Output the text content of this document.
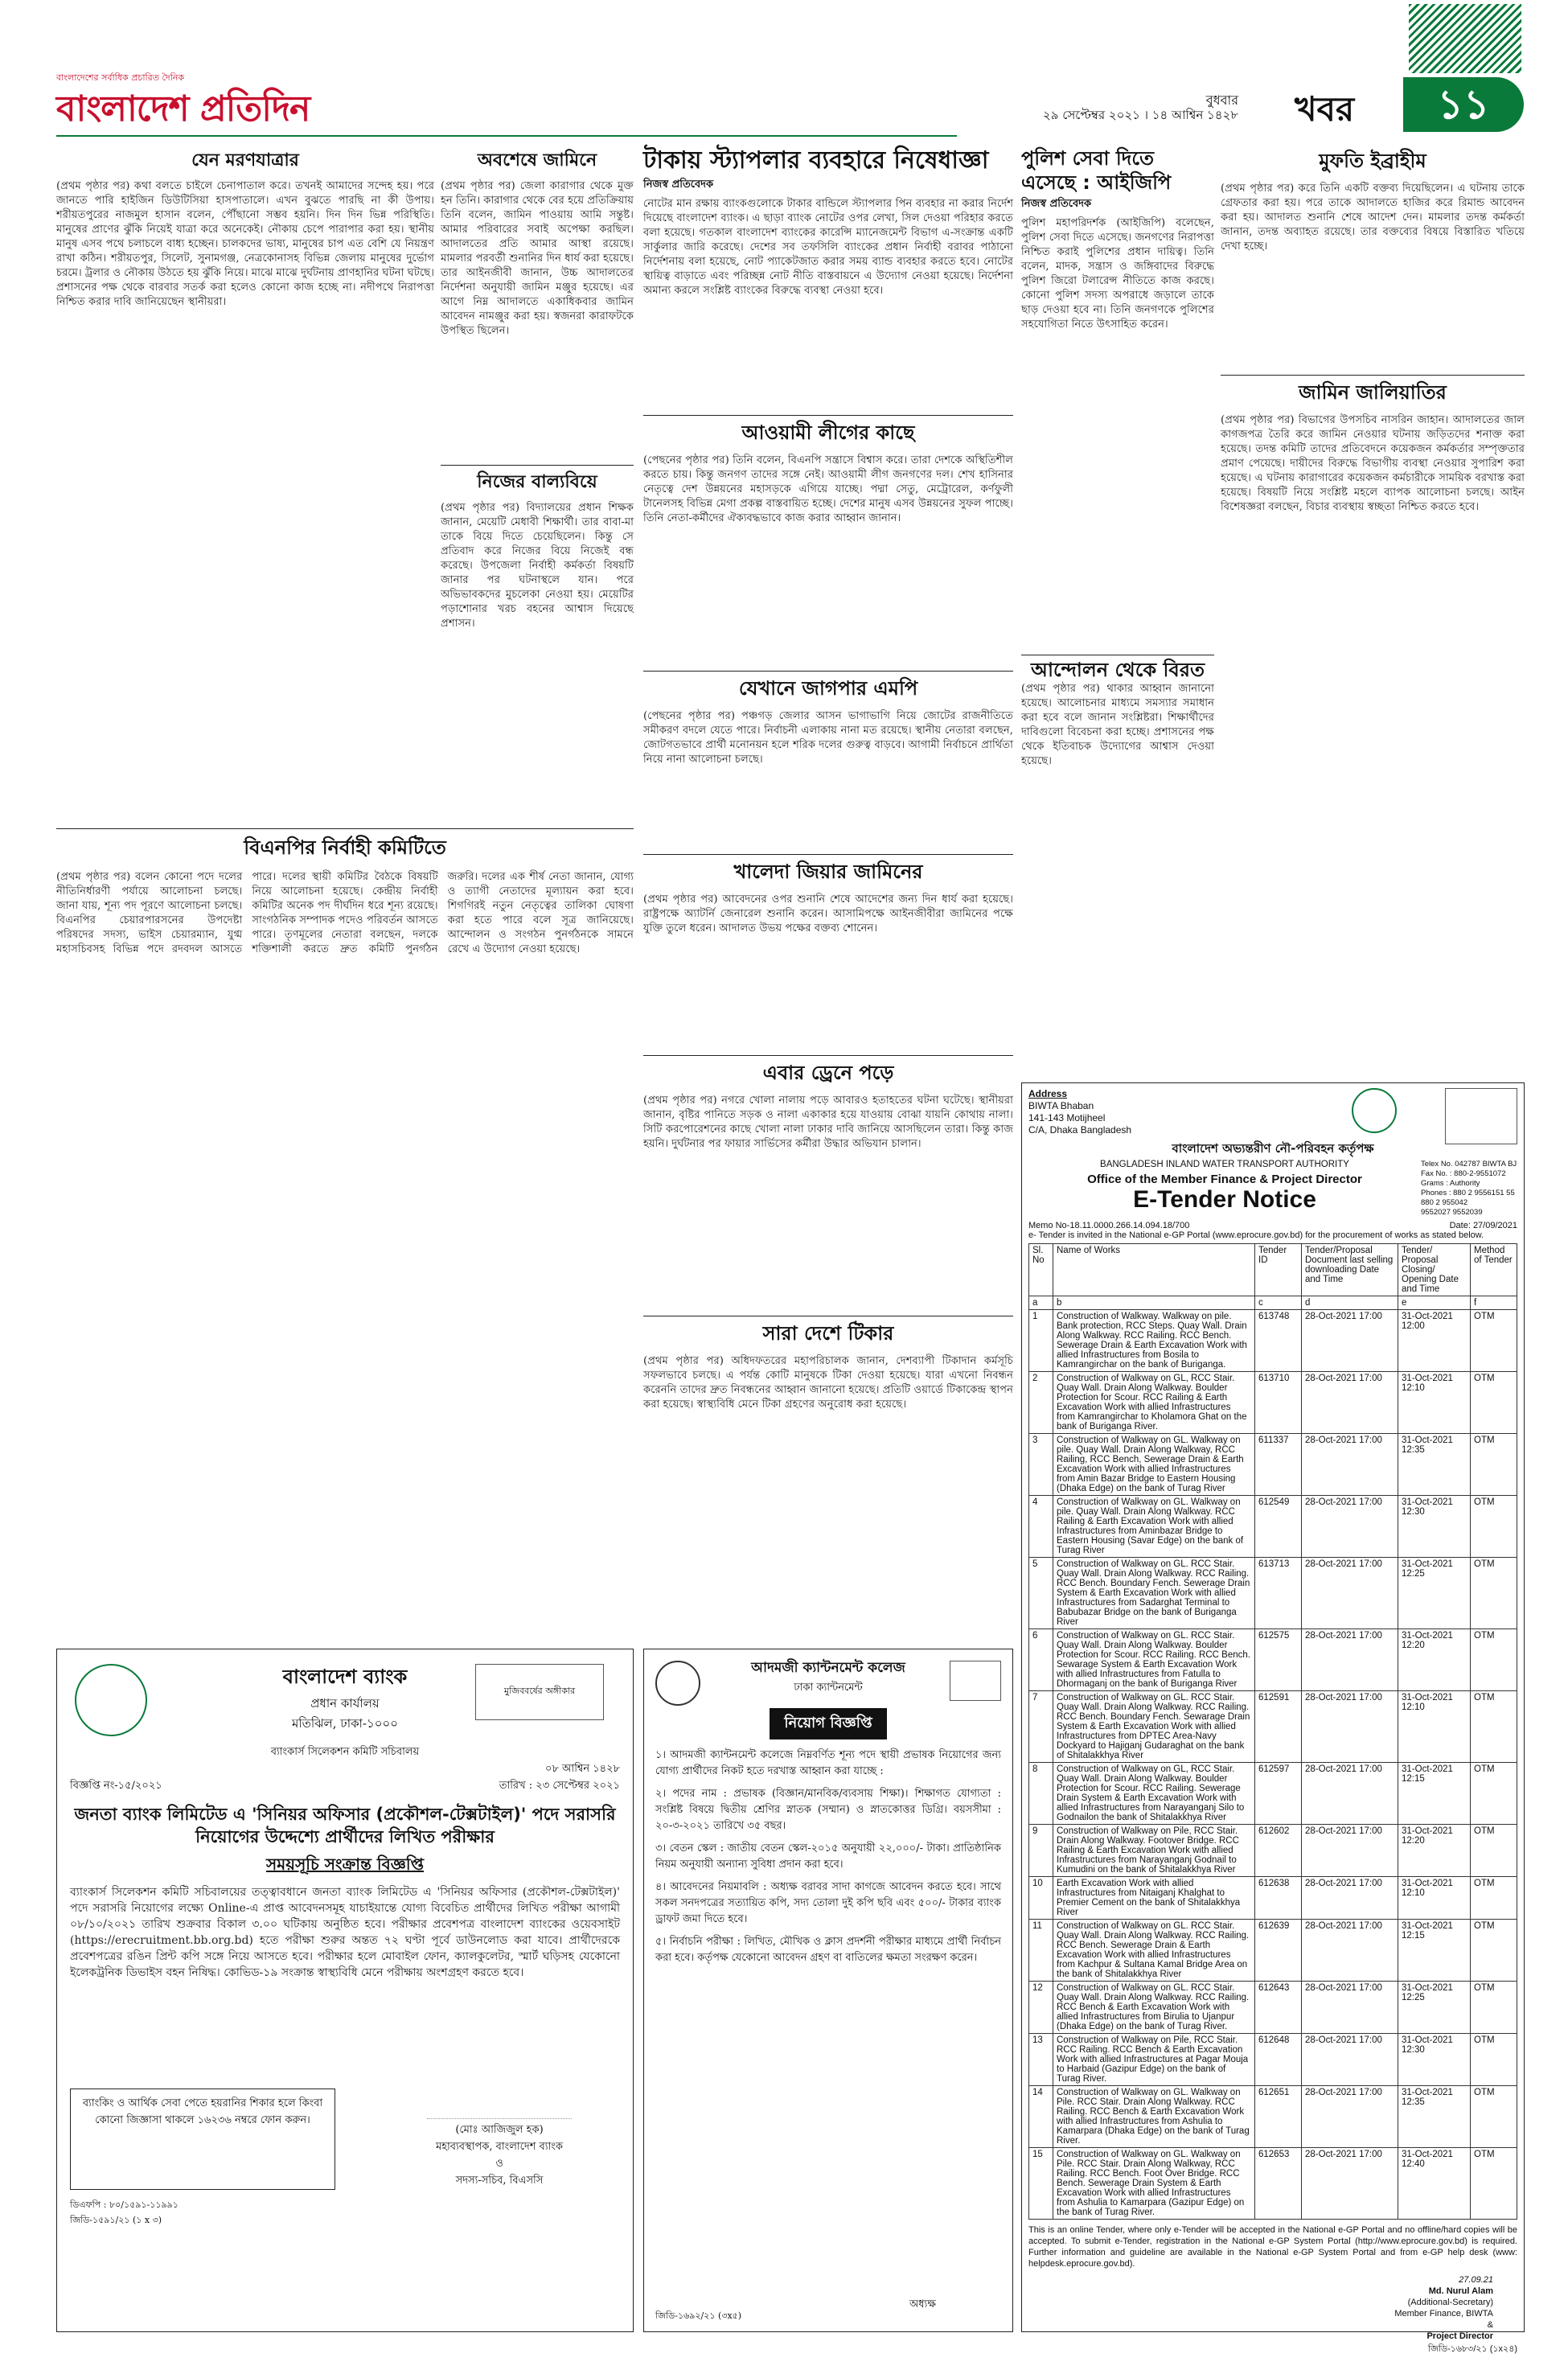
বাংলাদেশের সর্বাধিক প্রচারিত দৈনিক
বাংলাদেশ প্রতিদিন	বুধবার
২৯ সেপ্টেম্বর ২০২১ । ১৪ আশ্বিন ১৪২৮ খবর	১১
যেন মরণযাত্রার
(প্রথম পৃষ্ঠার পর) কথা বলতে চাইলে চেনাপাতাল করে। তখনই আমাদের সন্দেহ হয়। পরে জানতে পারি হাইজিন ডিউটিসিয়া হাসপাতালে। এখন বুঝতে পারছি না কী উপায়। শরীয়তপুরের নাজমুল হাসান বলেন, পৌঁছানো সম্ভব হয়নি। দিন দিন ভিন্ন পরিস্থিতি। মানুষের প্রাণের ঝুঁকি নিয়েই যাত্রা করে অনেকেই। নৌকায় চেপে পারাপার করা হয়। স্থানীয় মানুষ এসব পথে চলাচলে বাধ্য হচ্ছেন। চালকদের ভাষ্য, মানুষের চাপ এত বেশি যে নিয়ন্ত্রণ রাখা কঠিন। শরীয়তপুর, সিলেট, সুনামগঞ্জ, নেত্রকোনাসহ বিভিন্ন জেলায় মানুষের দুর্ভোগ চরমে। ট্রলার ও নৌকায় উঠতে হয় ঝুঁকি নিয়ে। মাঝে মাঝে দুর্ঘটনায় প্রাণহানির ঘটনা ঘটছে। প্রশাসনের পক্ষ থেকে বারবার সতর্ক করা হলেও কোনো কাজ হচ্ছে না। নদীপথে নিরাপত্তা নিশ্চিত করার দাবি জানিয়েছেন স্থানীয়রা।
অবশেষে জামিনে
(প্রথম পৃষ্ঠার পর) জেলা কারাগার থেকে মুক্ত হন তিনি। কারাগার থেকে বের হয়ে প্রতিক্রিয়ায় তিনি বলেন, জামিন পাওয়ায় আমি সন্তুষ্ট। আমার পরিবারের সবাই অপেক্ষা করছিল। আদালতের প্রতি আমার আস্থা রয়েছে। মামলার পরবর্তী শুনানির দিন ধার্য করা হয়েছে। তার আইনজীবী জানান, উচ্চ আদালতের নির্দেশনা অনুযায়ী জামিন মঞ্জুর হয়েছে। এর আগে নিম্ন আদালতে একাধিকবার জামিন আবেদন নামঞ্জুর করা হয়। স্বজনরা কারাফটকে উপস্থিত ছিলেন।
নিজের বাল্যবিয়ে
(প্রথম পৃষ্ঠার পর) বিদ্যালয়ের প্রধান শিক্ষক জানান, মেয়েটি মেধাবী শিক্ষার্থী। তার বাবা-মা তাকে বিয়ে দিতে চেয়েছিলেন। কিন্তু সে প্রতিবাদ করে নিজের বিয়ে নিজেই বন্ধ করেছে। উপজেলা নির্বাহী কর্মকর্তা বিষয়টি জানার পর ঘটনাস্থলে যান। পরে অভিভাবকদের মুচলেকা নেওয়া হয়। মেয়েটির পড়াশোনার খরচ বহনের আশ্বাস দিয়েছে প্রশাসন।
বিএনপির নির্বাহী কমিটিতে
(প্রথম পৃষ্ঠার পর) বলেন কোনো পদে দলের নীতিনির্ধারণী পর্যায়ে আলোচনা চলছে। জানা যায়, শূন্য পদ পূরণে আলোচনা চলছে। বিএনপির চেয়ারপারসনের উপদেষ্টা পরিষদের সদস্য, ভাইস চেয়ারম্যান, যুগ্ম মহাসচিবসহ বিভিন্ন পদে রদবদল আসতে পারে। দলের স্থায়ী কমিটির বৈঠকে বিষয়টি নিয়ে আলোচনা হয়েছে। কেন্দ্রীয় নির্বাহী কমিটির অনেক পদ দীর্ঘদিন ধরে শূন্য রয়েছে। সাংগঠনিক সম্পাদক পদেও পরিবর্তন আসতে পারে। তৃণমূলের নেতারা বলছেন, দলকে শক্তিশালী করতে দ্রুত কমিটি পুনর্গঠন জরুরি। দলের এক শীর্ষ নেতা জানান, যোগ্য ও ত্যাগী নেতাদের মূল্যায়ন করা হবে। শিগগিরই নতুন নেতৃত্বের তালিকা ঘোষণা করা হতে পারে বলে সূত্র জানিয়েছে। আন্দোলন ও সংগঠন পুনর্গঠনকে সামনে রেখে এ উদ্যোগ নেওয়া হয়েছে।
মুজিববর্ষের অঙ্গীকার
বাংলাদেশ ব্যাংক
প্রধান কার্যালয়
মতিঝিল, ঢাকা-১০০০
ব্যাংকার্স সিলেকশন কমিটি সচিবালয়
০৮ আশ্বিন ১৪২৮
বিজ্ঞপ্তি নং-১৫/২০২১	তারিখ : ২৩ সেপ্টেম্বর ২০২১
জনতা ব্যাংক লিমিটেড এ 'সিনিয়র অফিসার (প্রকৌশল-টেক্সটাইল)' পদে সরাসরি নিয়োগের উদ্দেশ্যে প্রার্থীদের লিখিত পরীক্ষার
সময়সূচি সংক্রান্ত বিজ্ঞপ্তি
ব্যাংকার্স সিলেকশন কমিটি সচিবালয়ের তত্ত্বাবধানে জনতা ব্যাংক লিমিটেড এ 'সিনিয়র অফিসার (প্রকৌশল-টেক্সটাইল)' পদে সরাসরি নিয়োগের লক্ষ্যে Online-এ প্রাপ্ত আবেদনসমূহ যাচাইয়ান্তে যোগ্য বিবেচিত প্রার্থীদের লিখিত পরীক্ষা আগামী ০৮/১০/২০২১ তারিখ শুক্রবার বিকাল ৩.০০ ঘটিকায় অনুষ্ঠিত হবে। পরীক্ষার প্রবেশপত্র বাংলাদেশ ব্যাংকের ওয়েবসাইট (https://erecruitment.bb.org.bd) হতে পরীক্ষা শুরুর অন্তত ৭২ ঘণ্টা পূর্বে ডাউনলোড করা যাবে। প্রার্থীদেরকে প্রবেশপত্রের রঙিন প্রিন্ট কপি সঙ্গে নিয়ে আসতে হবে। পরীক্ষার হলে মোবাইল ফোন, ক্যালকুলেটর, স্মার্ট ঘড়িসহ যেকোনো ইলেকট্রনিক ডিভাইস বহন নিষিদ্ধ। কোভিড-১৯ সংক্রান্ত স্বাস্থ্যবিধি মেনে পরীক্ষায় অংশগ্রহণ করতে হবে।
ব্যাংকিং ও আর্থিক সেবা পেতে হয়রানির শিকার হলে কিংবা কোনো জিজ্ঞাসা থাকলে ১৬২৩৬ নম্বরে ফোন করুন।
(মোঃ আজিজুল হক)
মহাব্যবস্থাপক, বাংলাদেশ ব্যাংক
ও
সদস্য-সচিব, বিএসসি
ডিএফপি : ৮০/১৫৯১-১১৯৯১
জিডি-১৫৯১/২১ (১ x ৩)
টাকায় স্ট্যাপলার ব্যবহারে নিষেধাজ্ঞা
নিজস্ব প্রতিবেদক
নোটের মান রক্ষায় ব্যাংকগুলোকে টাকার বান্ডিলে স্ট্যাপলার পিন ব্যবহার না করার নির্দেশ দিয়েছে বাংলাদেশ ব্যাংক। এ ছাড়া ব্যাংক নোটের ওপর লেখা, সিল দেওয়া পরিহার করতে বলা হয়েছে। গতকাল বাংলাদেশ ব্যাংকের কারেন্সি ম্যানেজমেন্ট বিভাগ এ-সংক্রান্ত একটি সার্কুলার জারি করেছে। দেশের সব তফসিলি ব্যাংকের প্রধান নির্বাহী বরাবর পাঠানো নির্দেশনায় বলা হয়েছে, নোট প্যাকেটজাত করার সময় ব্যান্ড ব্যবহার করতে হবে। নোটের স্থায়িত্ব বাড়াতে এবং পরিচ্ছন্ন নোট নীতি বাস্তবায়নে এ উদ্যোগ নেওয়া হয়েছে। নির্দেশনা অমান্য করলে সংশ্লিষ্ট ব্যাংকের বিরুদ্ধে ব্যবস্থা নেওয়া হবে।
আওয়ামী লীগের কাছে
(পেছনের পৃষ্ঠার পর) তিনি বলেন, বিএনপি সন্ত্রাসে বিশ্বাস করে। তারা দেশকে অস্থিতিশীল করতে চায়। কিন্তু জনগণ তাদের সঙ্গে নেই। আওয়ামী লীগ জনগণের দল। শেখ হাসিনার নেতৃত্বে দেশ উন্নয়নের মহাসড়কে এগিয়ে যাচ্ছে। পদ্মা সেতু, মেট্রোরেল, কর্ণফুলী টানেলসহ বিভিন্ন মেগা প্রকল্প বাস্তবায়িত হচ্ছে। দেশের মানুষ এসব উন্নয়নের সুফল পাচ্ছে। তিনি নেতা-কর্মীদের ঐক্যবদ্ধভাবে কাজ করার আহ্বান জানান।
যেখানে জাগপার এমপি
(পেছনের পৃষ্ঠার পর) পঞ্চগড় জেলার আসন ভাগাভাগি নিয়ে জোটের রাজনীতিতে সমীকরণ বদলে যেতে পারে। নির্বাচনী এলাকায় নানা মত রয়েছে। স্থানীয় নেতারা বলছেন, জোটগতভাবে প্রার্থী মনোনয়ন হলে শরিক দলের গুরুত্ব বাড়বে। আগামী নির্বাচনে প্রার্থিতা নিয়ে নানা আলোচনা চলছে।
খালেদা জিয়ার জামিনের
(প্রথম পৃষ্ঠার পর) আবেদনের ওপর শুনানি শেষে আদেশের জন্য দিন ধার্য করা হয়েছে। রাষ্ট্রপক্ষে অ্যাটর্নি জেনারেল শুনানি করেন। আসামিপক্ষে আইনজীবীরা জামিনের পক্ষে যুক্তি তুলে ধরেন। আদালত উভয় পক্ষের বক্তব্য শোনেন।
এবার ড্রেনে পড়ে
(প্রথম পৃষ্ঠার পর) নগরে খোলা নালায় পড়ে আবারও হতাহতের ঘটনা ঘটেছে। স্থানীয়রা জানান, বৃষ্টির পানিতে সড়ক ও নালা একাকার হয়ে যাওয়ায় বোঝা যায়নি কোথায় নালা। সিটি করপোরেশনের কাছে খোলা নালা ঢাকার দাবি জানিয়ে আসছিলেন তারা। কিন্তু কাজ হয়নি। দুর্ঘটনার পর ফায়ার সার্ভিসের কর্মীরা উদ্ধার অভিযান চালান।
সারা দেশে টিকার
(প্রথম পৃষ্ঠার পর) অধিদফতরের মহাপরিচালক জানান, দেশব্যাপী টিকাদান কর্মসূচি সফলভাবে চলছে। এ পর্যন্ত কোটি মানুষকে টিকা দেওয়া হয়েছে। যারা এখনো নিবন্ধন করেননি তাদের দ্রুত নিবন্ধনের আহ্বান জানানো হয়েছে। প্রতিটি ওয়ার্ডে টিকাকেন্দ্র স্থাপন করা হয়েছে। স্বাস্থ্যবিধি মেনে টিকা গ্রহণের অনুরোধ করা হয়েছে।
আদমজী ক্যান্টনমেন্ট কলেজ
ঢাকা ক্যান্টনমেন্ট
নিয়োগ বিজ্ঞপ্তি

১। আদমজী ক্যান্টনমেন্ট কলেজে নিম্নবর্ণিত শূন্য পদে স্থায়ী প্রভাষক নিয়োগের জন্য যোগ্য প্রার্থীদের নিকট হতে দরখাস্ত আহ্বান করা যাচ্ছে :

২। পদের নাম : প্রভাষক (বিজ্ঞান/মানবিক/ব্যবসায় শিক্ষা)। শিক্ষাগত যোগ্যতা : সংশ্লিষ্ট বিষয়ে দ্বিতীয় শ্রেণির স্নাতক (সম্মান) ও স্নাতকোত্তর ডিগ্রি। বয়সসীমা : ২০-৩-২০২১ তারিখে ৩৫ বছর।

৩। বেতন স্কেল : জাতীয় বেতন স্কেল-২০১৫ অনুযায়ী ২২,০০০/- টাকা। প্রাতিষ্ঠানিক নিয়ম অনুযায়ী অন্যান্য সুবিধা প্রদান করা হবে।

৪। আবেদনের নিয়মাবলি : অধ্যক্ষ বরাবর সাদা কাগজে আবেদন করতে হবে। সাথে সকল সনদপত্রের সত্যায়িত কপি, সদ্য তোলা দুই কপি ছবি এবং ৫০০/- টাকার ব্যাংক ড্রাফট জমা দিতে হবে।

৫। নির্বাচনি পরীক্ষা : লিখিত, মৌখিক ও ক্লাস প্রদর্শনী পরীক্ষার মাধ্যমে প্রার্থী নির্বাচন করা হবে। কর্তৃপক্ষ যেকোনো আবেদন গ্রহণ বা বাতিলের ক্ষমতা সংরক্ষণ করেন।

অধ্যক্ষ
জিডি-১৬৯২/২১ (৩x৫)
পুলিশ সেবা দিতে এসেছে : আইজিপি
নিজস্ব প্রতিবেদক
পুলিশ মহাপরিদর্শক (আইজিপি) বলেছেন, পুলিশ সেবা দিতে এসেছে। জনগণের নিরাপত্তা নিশ্চিত করাই পুলিশের প্রধান দায়িত্ব। তিনি বলেন, মাদক, সন্ত্রাস ও জঙ্গিবাদের বিরুদ্ধে পুলিশ জিরো টলারেন্স নীতিতে কাজ করছে। কোনো পুলিশ সদস্য অপরাধে জড়ালে তাকে ছাড় দেওয়া হবে না। তিনি জনগণকে পুলিশের সহযোগিতা নিতে উৎসাহিত করেন।
আন্দোলন থেকে বিরত
(প্রথম পৃষ্ঠার পর) থাকার আহ্বান জানানো হয়েছে। আলোচনার মাধ্যমে সমস্যার সমাধান করা হবে বলে জানান সংশ্লিষ্টরা। শিক্ষার্থীদের দাবিগুলো বিবেচনা করা হচ্ছে। প্রশাসনের পক্ষ থেকে ইতিবাচক উদ্যোগের আশ্বাস দেওয়া হয়েছে।
মুফতি ইব্রাহীম
(প্রথম পৃষ্ঠার পর) করে তিনি একটি বক্তব্য দিয়েছিলেন। এ ঘটনায় তাকে গ্রেফতার করা হয়। পরে তাকে আদালতে হাজির করে রিমান্ড আবেদন করা হয়। আদালত শুনানি শেষে আদেশ দেন। মামলার তদন্ত কর্মকর্তা জানান, তদন্ত অব্যাহত রয়েছে। তার বক্তব্যের বিষয়ে বিস্তারিত খতিয়ে দেখা হচ্ছে।
জামিন জালিয়াতির
(প্রথম পৃষ্ঠার পর) বিভাগের উপসচিব নাসরিন জাহান। আদালতের জাল কাগজপত্র তৈরি করে জামিন নেওয়ার ঘটনায় জড়িতদের শনাক্ত করা হয়েছে। তদন্ত কমিটি তাদের প্রতিবেদনে কয়েকজন কর্মকর্তার সম্পৃক্ততার প্রমাণ পেয়েছে। দায়ীদের বিরুদ্ধে বিভাগীয় ব্যবস্থা নেওয়ার সুপারিশ করা হয়েছে। এ ঘটনায় কারাগারের কয়েকজন কর্মচারীকে সাময়িক বরখাস্ত করা হয়েছে। বিষয়টি নিয়ে সংশ্লিষ্ট মহলে ব্যাপক আলোচনা চলছে। আইন বিশেষজ্ঞরা বলছেন, বিচার ব্যবস্থায় স্বচ্ছতা নিশ্চিত করতে হবে।
Address
BIWTA Bhaban
141-143 Motijheel
C/A, Dhaka Bangladesh
বাংলাদেশ অভ্যন্তরীণ নৌ-পরিবহন কর্তৃপক্ষ
BANGLADESH INLAND WATER TRANSPORT AUTHORITY
Office of the Member Finance & Project Director
E-Tender Notice
Telex No. 042787 BIWTA BJ
Fax No. : 880-2-9551072
Grams : Authority
Phones : 880 2 9556151 55
880 2 955042
9552027 9552039
Memo No-18.11.0000.266.14.094.18/700	Date: 27/09/2021
e- Tender is invited in the National e-GP Portal (www.eprocure.gov.bd) for the procurement of works as stated below.
Sl. No	Name of Works	Tender ID	Tender/Proposal Document last selling downloading Date and Time	Tender/ Proposal Closing/ Opening Date and Time	Method of Tender
a	b	c	d	e	f
1	Construction of Walkway. Walkway on pile. Bank protection, RCC Steps. Quay Wall. Drain Along Walkway. RCC Railing. RCC Bench. Sewerage Drain & Earth Excavation Work with allied Infrastructures from Bosila to Kamrangirchar on the bank of Buriganga.	613748	28-Oct-2021 17:00	31-Oct-2021 12:00	OTM
2	Construction of Walkway on GL, RCC Stair. Quay Wall. Drain Along Walkway. Boulder Protection for Scour. RCC Railing & Earth Excavation Work with allied Infrastructures from Kamrangirchar to Kholamora Ghat on the bank of Buriganga River.	613710	28-Oct-2021 17:00	31-Oct-2021 12:10	OTM
3	Construction of Walkway on GL. Walkway on pile. Quay Wall. Drain Along Walkway, RCC Railing, RCC Bench, Sewerage Drain & Earth Excavation Work with allied Infrastructures from Amin Bazar Bridge to Eastern Housing (Dhaka Edge) on the bank of Turag River	611337	28-Oct-2021 17:00	31-Oct-2021 12:35	OTM
4	Construction of Walkway on GL. Walkway on pile. Quay Wall. Drain Along Walkway. RCC Railing & Earth Excavation Work with allied Infrastructures from Aminbazar Bridge to Eastern Housing (Savar Edge) on the bank of Turag River	612549	28-Oct-2021 17:00	31-Oct-2021 12:30	OTM
5	Construction of Walkway on GL. RCC Stair. Quay Wall. Drain Along Walkway. RCC Railing. RCC Bench. Boundary Fench. Sewerage Drain System & Earth Excavation Work with allied Infrastructures from Sadarghat Terminal to Babubazar Bridge on the bank of Buriganga River	613713	28-Oct-2021 17:00	31-Oct-2021 12:25	OTM
6	Construction of Walkway on GL. RCC Stair. Quay Wall. Drain Along Walkway. Boulder Protection for Scour. RCC Railing. RCC Bench. Sewarage System & Earth Excavation Work with allied Infrastructures from Fatulla to Dhormaganj on the bank of Buriganga River	612575	28-Oct-2021 17:00	31-Oct-2021 12:20	OTM
7	Construction of Walkway on GL. RCC Stair. Quay Wall. Drain Along Walkway. RCC Railing. RCC Bench. Boundary Fench. Sewarage Drain System & Earth Excavation Work with allied Infrastructures from DPTEC Area-Navy Dockyard to Hajiganj Gudaraghat on the bank of Shitalakkhya River	612591	28-Oct-2021 17:00	31-Oct-2021 12:10	OTM
8	Construction of Walkway on GL, RCC Stair. Quay Wall. Drain Along Walkway. Boulder Protection for Scour. RCC Railing. Sewerage Drain System & Earth Excavation Work with allied Infrastructures from Narayanganj Silo to Godnailon the bank of Shitalakkhya River	612597	28-Oct-2021 17:00	31-Oct-2021 12:15	OTM
9	Construction of Walkway on Pile, RCC Stair. Drain Along Walkway. Footover Bridge. RCC Railing & Earth Excavation Work with allied Infrastructures from Narayanganj Godnail to Kumudini on the bank of Shitalakkhya River	612602	28-Oct-2021 17:00	31-Oct-2021 12:20	OTM
10	Earth Excavation Work with allied Infrastructures from Nitaiganj Khalghat to Premier Cement on the bank of Shitalakkhya River	612638	28-Oct-2021 17:00	31-Oct-2021 12:10	OTM
11	Construction of Walkway on GL. RCC Stair. Quay Wall. Drain Along Walkway. RCC Railing. RCC Bench. Sewerage Drain & Earth Excavation Work with allied Infrastructures from Kachpur & Sultana Kamal Bridge Area on the bank of Shitalakkhya River	612639	28-Oct-2021 17:00	31-Oct-2021 12:15	OTM
12	Construction of Walkway on GL. RCC Stair. Quay Wall. Drain Along Walkway. RCC Railing. RCC Bench & Earth Excavation Work with allied Infrastructures from Birulia to Ujanpur (Dhaka Edge) on the bank of Turag River.	612643	28-Oct-2021 17:00	31-Oct-2021 12:25	OTM
13	Construction of Walkway on Pile, RCC Stair. RCC Railing. RCC Bench & Earth Excavation Work with allied Infrastructures at Pagar Mouja to Harbaid (Gazipur Edge) on the bank of Turag River.	612648	28-Oct-2021 17:00	31-Oct-2021 12:30	OTM
14	Construction of Walkway on GL. Walkway on Pile. RCC Stair. Drain Along Walkway. RCC Railing. RCC Bench & Earth Excavation Work with allied Infrastructures from Ashulia to Kamarpara (Dhaka Edge) on the bank of Turag River.	612651	28-Oct-2021 17:00	31-Oct-2021 12:35	OTM
15	Construction of Walkway on GL. Walkway on Pile. RCC Stair. Drain Along Walkway, RCC Railing. RCC Bench. Foot Over Bridge. RCC Bench. Sewerage Drain System & Earth Excavation Work with allied Infrastructures from Ashulia to Kamarpara (Gazipur Edge) on the bank of Turag River.	612653	28-Oct-2021 17:00	31-Oct-2021 12:40	OTM
This is an online Tender, where only e-Tender will be accepted in the National e-GP Portal and no offline/hard copies will be accepted. To submit e-Tender, registration in the National e-GP System Portal (http://www.eprocure.gov.bd) is required. Further information and guideline are available in the National e-GP System Portal and from e-GP help desk (www: helpdesk.eprocure.gov.bd).
27.09.21
Md. Nurul Alam
(Additional-Secretary)
Member Finance, BIWTA
&
Project Director
জিডি-১৬৮৩/২১ (১x২৪)
